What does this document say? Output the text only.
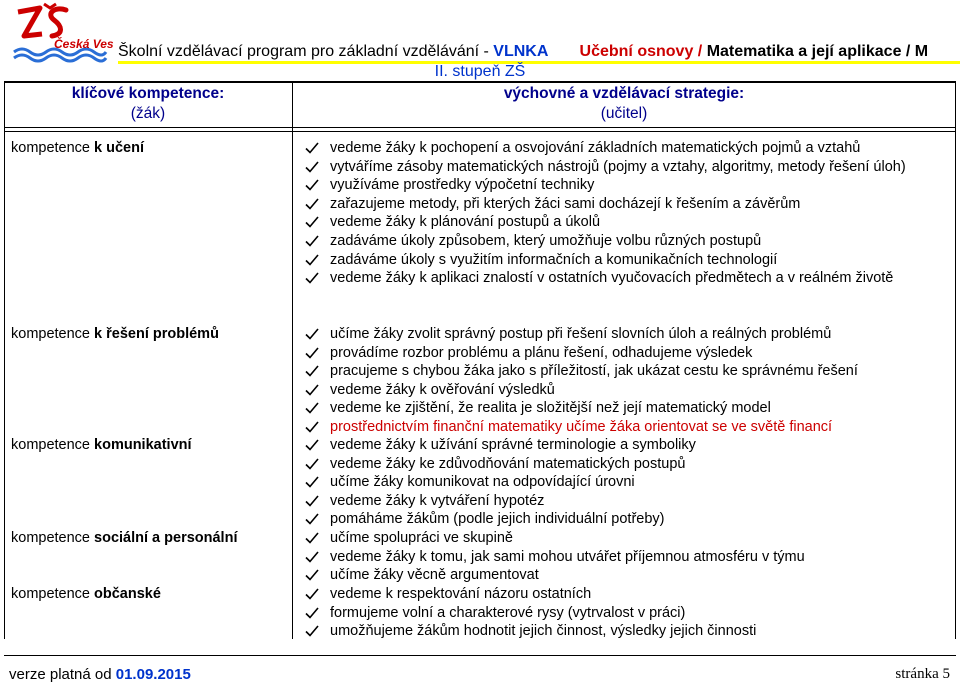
Česká Ves Školní vzdělávací program pro základní vzdělávání - VLNKA Učební osnovy / Matematika a její aplikace / M
II. stupeň ZŠ
klíčové kompetence:
(žák)
výchovné a vzdělávací strategie:
(učitel)
kompetence k učení
kompetence k řešení problémů
kompetence komunikativní
kompetence sociální a personální
kompetence občanské
vedeme žáky k pochopení a osvojování základních matematických pojmů a vztahů
vytváříme zásoby matematických nástrojů (pojmy a vztahy, algoritmy, metody řešení úloh)
využíváme prostředky výpočetní techniky
zařazujeme metody, při kterých žáci sami docházejí k řešením a závěrům
vedeme žáky k plánování postupů a úkolů
zadáváme úkoly způsobem, který umožňuje volbu různých postupů
zadáváme úkoly s využitím informačních a komunikačních technologií
vedeme žáky k aplikaci znalostí v ostatních vyučovacích předmětech a v reálném životě
učíme žáky zvolit správný postup při řešení slovních úloh a reálných problémů
provádíme rozbor problému a plánu řešení, odhadujeme výsledek
pracujeme s chybou žáka jako s příležitostí, jak ukázat cestu ke správnému řešení
vedeme žáky k ověřování výsledků
vedeme ke zjištění, že realita je složitější než její matematický model
prostřednictvím finanční matematiky učíme žáka orientovat se ve světě financí
vedeme žáky k užívání správné terminologie a symboliky
vedeme žáky ke zdůvodňování matematických postupů
učíme žáky komunikovat na odpovídající úrovni
vedeme žáky k vytváření hypotéz
pomáháme žákům (podle jejich individuální potřeby)
učíme spolupráci ve skupině
vedeme žáky k tomu, jak sami mohou utvářet příjemnou atmosféru v týmu
učíme žáky věcně argumentovat
vedeme k respektování názoru ostatních
formujeme volní a charakterové rysy (vytrvalost v práci)
umožňujeme žákům hodnotit jejich činnost, výsledky jejich činnosti
verze platná od 01.09.2015	stránka 5
